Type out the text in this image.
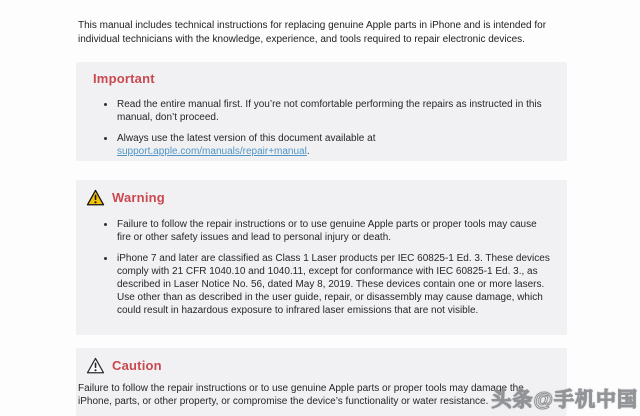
This manual includes technical instructions for replacing genuine Apple parts in iPhone and is intended for individual technicians with the knowledge, experience, and tools required to repair electronic devices.

Important

Read the entire manual first. If you’re not comfortable performing the repairs as instructed in this manual, don’t proceed.

Always use the latest version of this document available at support.apple.com/manuals/repair+manual.

Warning

Failure to follow the repair instructions or to use genuine Apple parts or proper tools may cause fire or other safety issues and lead to personal injury or death.

iPhone 7 and later are classified as Class 1 Laser products per IEC 60825-1 Ed. 3. These devices comply with 21 CFR 1040.10 and 1040.11, except for conformance with IEC 60825-1 Ed. 3., as described in Laser Notice No. 56, dated May 8, 2019. These devices contain one or more lasers. Use other than as described in the user guide, repair, or disassembly may cause damage, which could result in hazardous exposure to infrared laser emissions that are not visible.

Caution

Failure to follow the repair instructions or to use genuine Apple parts or proper tools may damage the iPhone, parts, or other property, or compromise the device’s functionality or water resistance. 头条@手机中国
